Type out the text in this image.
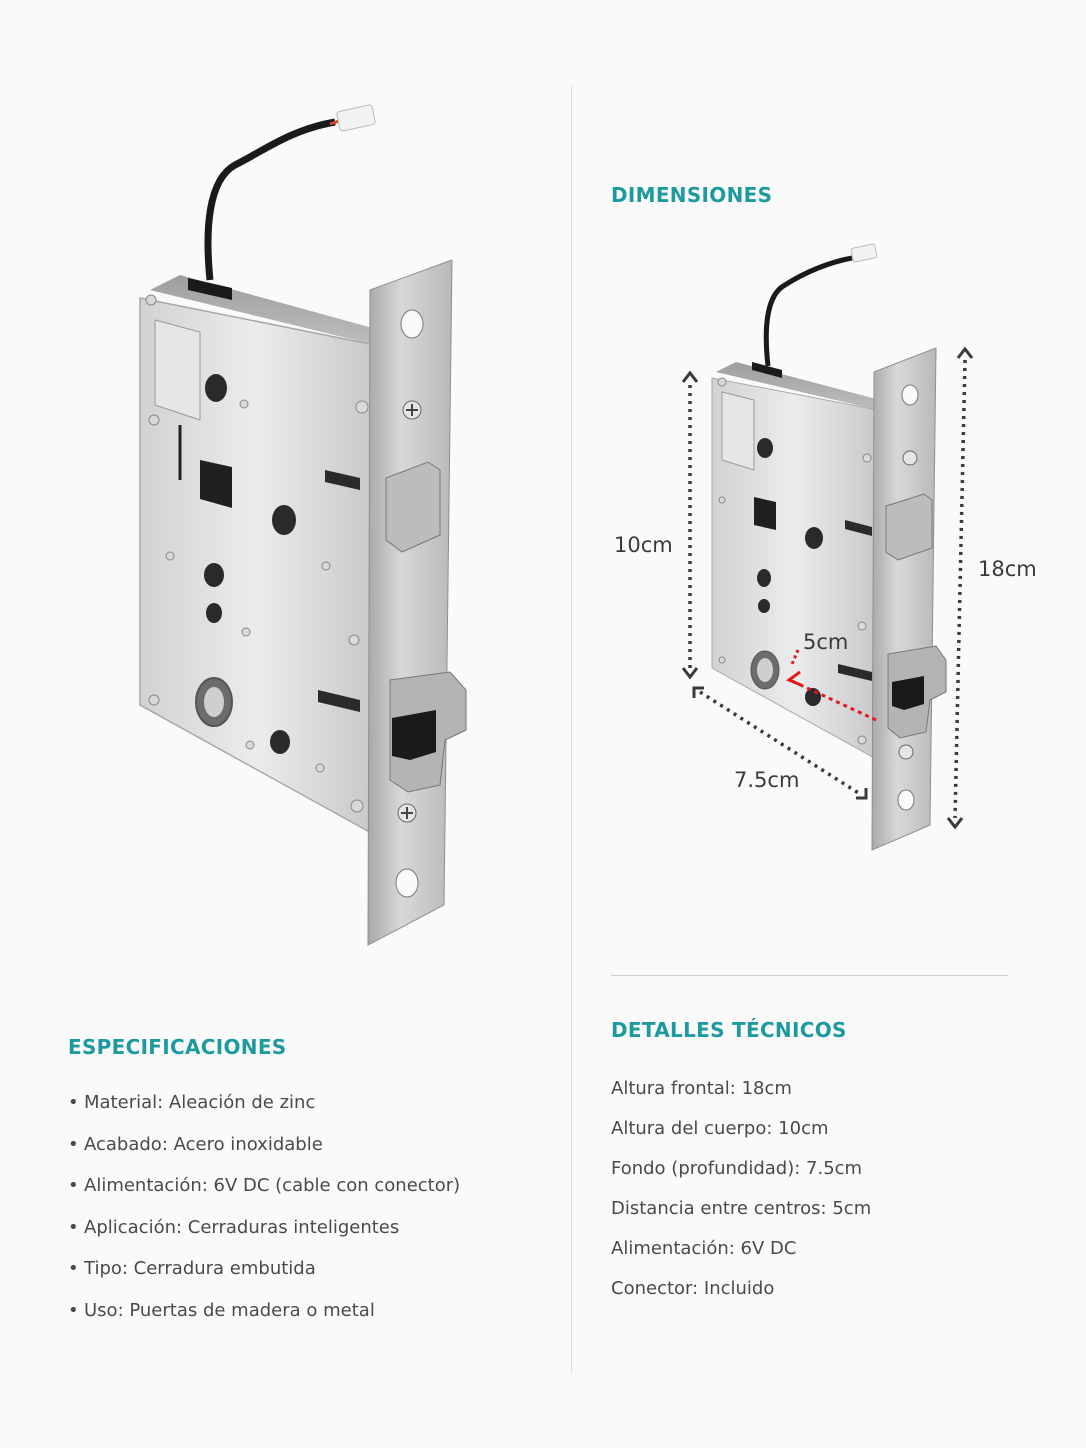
DIMENSIONES
10cm
18cm
5cm
7.5cm
ESPECIFICACIONES
• Material: Aleación de zinc
• Acabado: Acero inoxidable
• Alimentación: 6V DC (cable con conector)
• Aplicación: Cerraduras inteligentes
• Tipo: Cerradura embutida
• Uso: Puertas de madera o metal
DETALLES TÉCNICOS
Altura frontal: 18cm
Altura del cuerpo: 10cm
Fondo (profundidad): 7.5cm
Distancia entre centros: 5cm
Alimentación: 6V DC
Conector: Incluido
